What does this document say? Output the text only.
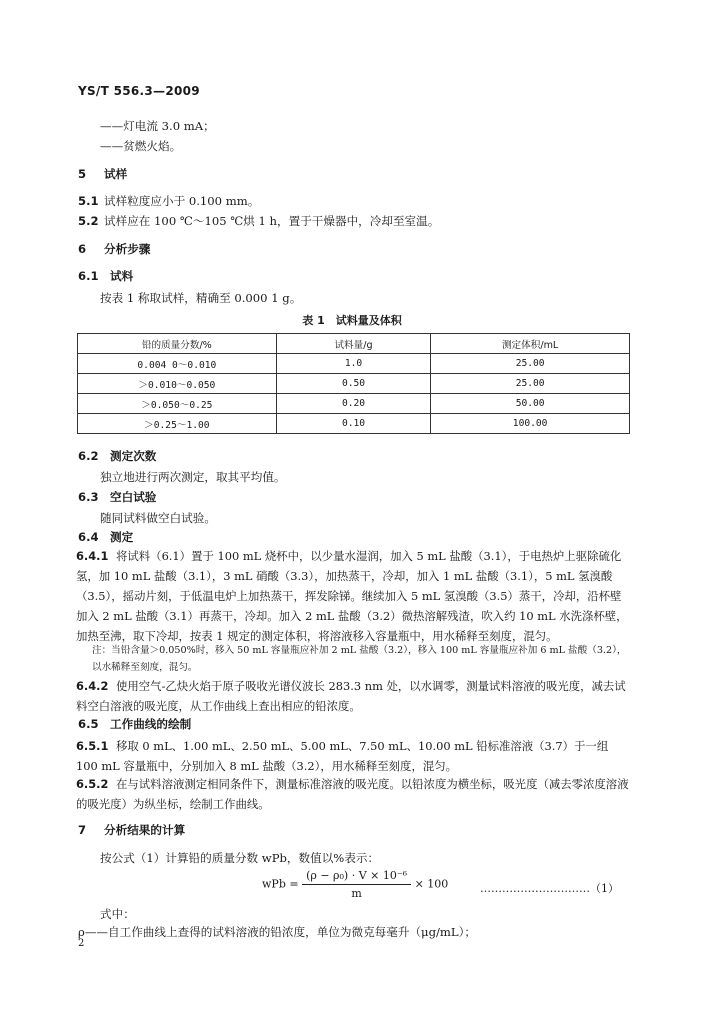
YS/T 556.3—2009
——灯电流 3.0 mA；
——贫燃火焰。
5 试样
5.1 试样粒度应小于 0.100 mm。
5.2 试样应在 100 ℃～105 ℃烘 1 h，置于干燥器中，冷却至室温。
6 分析步骤
6.1 试料
按表 1 称取试样，精确至 0.000 1 g。
表 1　试料量及体积
铅的质量分数/%	试料量/g	测定体积/mL
0.004 0～0.010	1.0	25.00
＞0.010～0.050	0.50	25.00
＞0.050～0.25	0.20	50.00
＞0.25～1.00	0.10	100.00
6.2 测定次数
独立地进行两次测定，取其平均值。
6.3 空白试验
随同试料做空白试验。
6.4 测定
6.4.1 将试料（6.1）置于 100 mL 烧杯中，以少量水湿润，加入 5 mL 盐酸（3.1），于电热炉上驱除硫化氢，加 10 mL 盐酸（3.1），3 mL 硝酸（3.3），加热蒸干，冷却，加入 1 mL 盐酸（3.1），5 mL 氢溴酸（3.5），摇动片刻，于低温电炉上加热蒸干，挥发除锑。继续加入 5 mL 氢溴酸（3.5）蒸干，冷却，沿杯壁加入 2 mL 盐酸（3.1）再蒸干，冷却。加入 2 mL 盐酸（3.2）微热溶解残渣，吹入约 10 mL 水洗涤杯壁，加热至沸，取下冷却，按表 1 规定的测定体积，将溶液移入容量瓶中，用水稀释至刻度，混匀。
注：当铅含量＞0.050%时，移入 50 mL 容量瓶应补加 2 mL 盐酸（3.2），移入 100 mL 容量瓶应补加 6 mL 盐酸（3.2），以水稀释至刻度，混匀。
6.4.2 使用空气-乙炔火焰于原子吸收光谱仪波长 283.3 nm 处，以水调零，测量试料溶液的吸光度，减去试料空白溶液的吸光度，从工作曲线上查出相应的铅浓度。
6.5 工作曲线的绘制
6.5.1 移取 0 mL、1.00 mL、2.50 mL、5.00 mL、7.50 mL、10.00 mL 铅标准溶液（3.7）于一组 100 mL 容量瓶中，分别加入 8 mL 盐酸（3.2），用水稀释至刻度，混匀。
6.5.2 在与试料溶液测定相同条件下，测量标准溶液的吸光度。以铅浓度为横坐标，吸光度（减去零浓度溶液的吸光度）为纵坐标，绘制工作曲线。
7 分析结果的计算
按公式（1）计算铅的质量分数 wPb，数值以%表示：
wPb = $\frac{\text{(ρ − ρ₀) · V × 10⁻⁶}}{m} \times 100$	…………………………（1）
式中：
ρ——自工作曲线上查得的试料溶液的铅浓度，单位为微克每毫升（μg/mL）；
2
